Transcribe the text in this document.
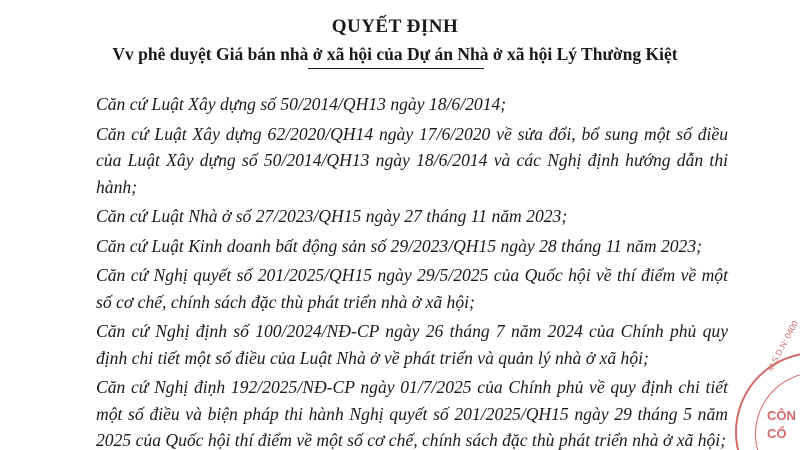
QUYẾT ĐỊNH
Vv phê duyệt Giá bán nhà ở xã hội của Dự án Nhà ở xã hội Lý Thường Kiệt

Căn cứ Luật Xây dựng số 50/2014/QH13 ngày 18/6/2014;

Căn cứ Luật Xây dựng 62/2020/QH14 ngày 17/6/2020 về sửa đổi, bổ sung một số điều của Luật Xây dựng số 50/2014/QH13 ngày 18/6/2014 và các Nghị định hướng dẫn thi hành;

Căn cứ Luật Nhà ở số 27/2023/QH15 ngày 27 tháng 11 năm 2023;

Căn cứ Luật Kinh doanh bất động sản số 29/2023/QH15 ngày 28 tháng 11 năm 2023;

Căn cứ Nghị quyết số 201/2025/QH15 ngày 29/5/2025 của Quốc hội về thí điểm về một số cơ chế, chính sách đặc thù phát triển nhà ở xã hội;

Căn cứ Nghị định số 100/2024/NĐ-CP ngày 26 tháng 7 năm 2024 của Chính phủ quy định chi tiết một số điều của Luật Nhà ở về phát triển và quản lý nhà ở xã hội;

Căn cứ Nghị điṇh 192/2025/NĐ-CP ngày 01/7/2025 của Chính phủ về quy định chi tiết một số điều và biện pháp thi hành Nghị quyết số 201/2025/QH15 ngày 29 tháng 5 năm 2025 của Quốc hội thí điểm về một số cơ chế, chính sách đặc thù phát triển nhà ở xã hội;

M.S.D.N: 0400
CÔN
CỔ
